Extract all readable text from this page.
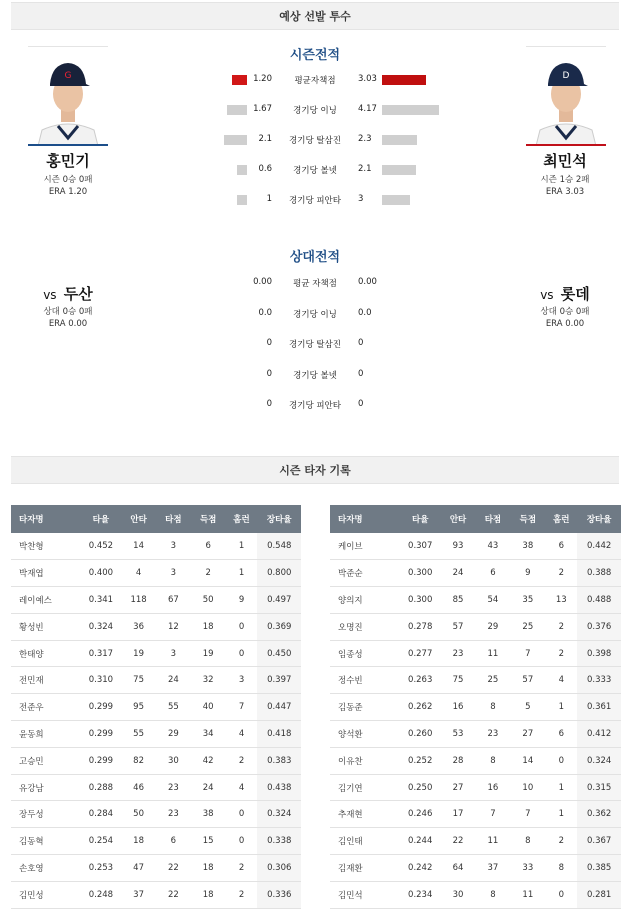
예상 선발 투수
시즌전적
G
홍민기
시즌 0승 0패
ERA 1.20
D
최민석
시즌 1승 2패
ERA 3.03
1.20	평균자책점	3.03
1.67	경기당 이닝	4.17
2.1	경기당 탈삼진	2.3
0.6	경기당 볼넷	2.1
1	경기당 피안타	3
상대전적
vs 두산
상대 0승 0패
ERA 0.00
vs 롯데
상대 0승 0패
ERA 0.00
0.00	평균 자책점	0.00
0.0	경기당 이닝	0.0
0	경기당 탈삼진	0
0	경기당 볼넷	0
0	경기당 피안타	0
시즌 타자 기록
타자명	타율	안타	타점	득점	홈런	장타율
박찬형	0.452	14	3	6	1	0.548
박재엽	0.400	4	3	2	1	0.800
레이예스	0.341	118	67	50	9	0.497
황성빈	0.324	36	12	18	0	0.369
한태양	0.317	19	3	19	0	0.450
전민재	0.310	75	24	32	3	0.397
전준우	0.299	95	55	40	7	0.447
윤동희	0.299	55	29	34	4	0.418
고승민	0.299	82	30	42	2	0.383
유강남	0.288	46	23	24	4	0.438
장두성	0.284	50	23	38	0	0.324
김동혁	0.254	18	6	15	0	0.338
손호영	0.253	47	22	18	2	0.306
김민성	0.248	37	22	18	2	0.336
타자명	타율	안타	타점	득점	홈런	장타율
케이브	0.307	93	43	38	6	0.442
박준순	0.300	24	6	9	2	0.388
양의지	0.300	85	54	35	13	0.488
오명진	0.278	57	29	25	2	0.376
임종성	0.277	23	11	7	2	0.398
정수빈	0.263	75	25	57	4	0.333
김동준	0.262	16	8	5	1	0.361
양석환	0.260	53	23	27	6	0.412
이유찬	0.252	28	8	14	0	0.324
김기연	0.250	27	16	10	1	0.315
추재현	0.246	17	7	7	1	0.362
김인태	0.244	22	11	8	2	0.367
김재환	0.242	64	37	33	8	0.385
김민석	0.234	30	8	11	0	0.281
